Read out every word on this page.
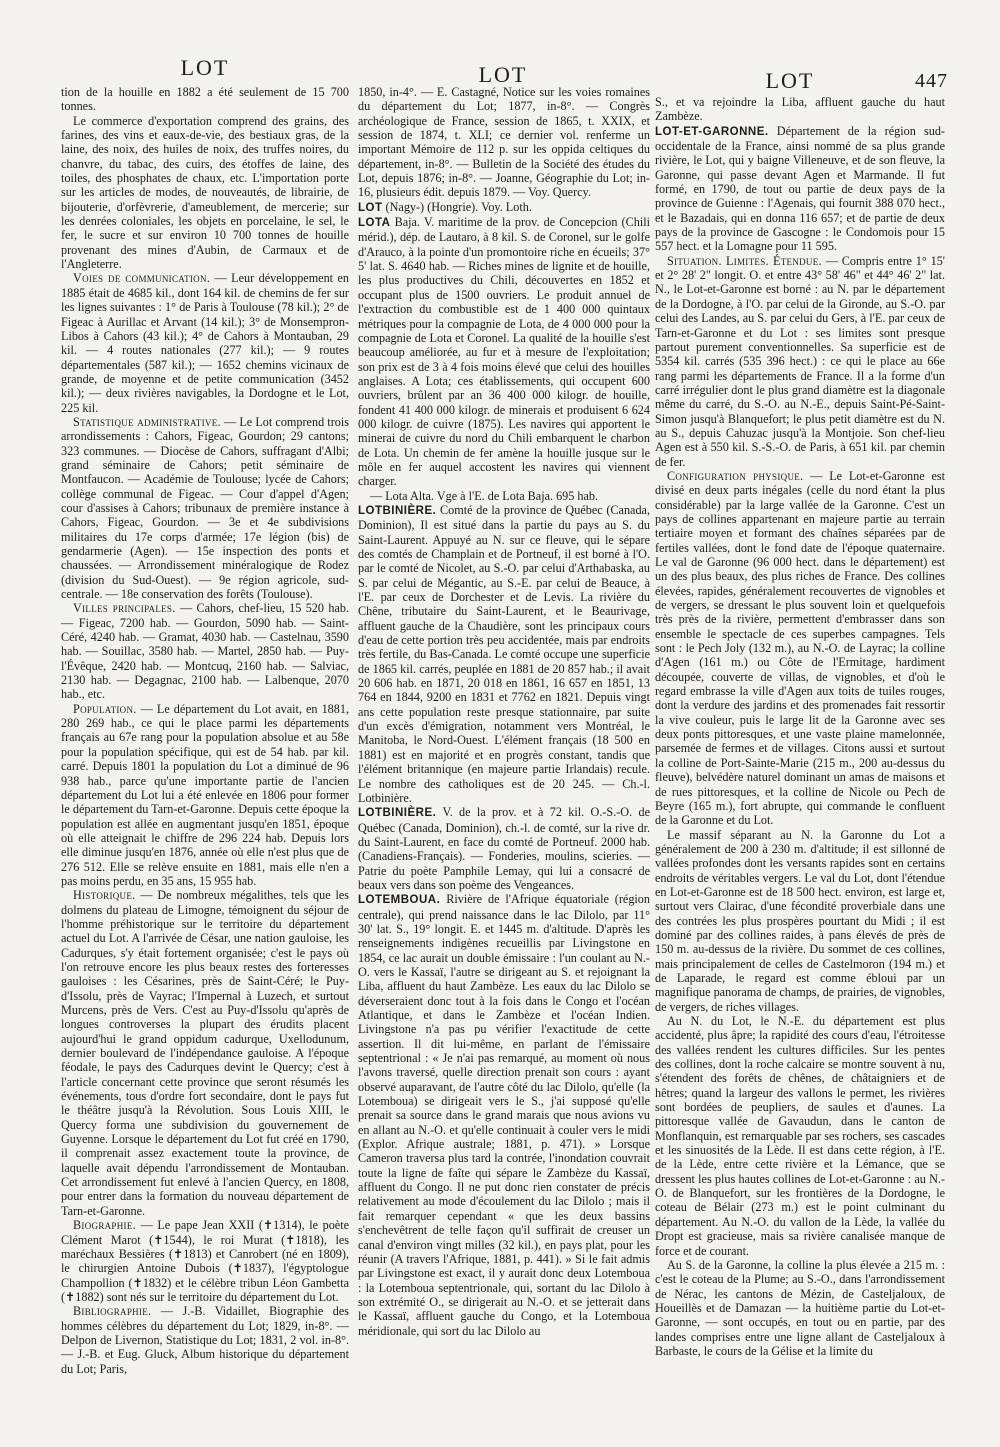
LOT	LOT	LOT	447

tion de la houille en 1882 a été seulement de 15 700 tonnes.

Le commerce d'exportation comprend des grains, des farines, des vins et eaux-de-vie, des bestiaux gras, de la laine, des noix, des huiles de noix, des truffes noires, du chanvre, du tabac, des cuirs, des étoffes de laine, des toiles, des phosphates de chaux, etc. L'importation porte sur les articles de modes, de nouveautés, de librairie, de bijouterie, d'orfèvrerie, d'ameublement, de mercerie; sur les denrées coloniales, les objets en porcelaine, le sel, le fer, le sucre et sur environ 10 700 tonnes de houille provenant des mines d'Aubin, de Carmaux et de l'Angleterre.

Voies de communication. — Leur développement en 1885 était de 4685 kil., dont 164 kil. de chemins de fer sur les lignes suivantes : 1° de Paris à Toulouse (78 kil.); 2° de Figeac à Aurillac et Arvant (14 kil.); 3° de Monsempron-Libos à Cahors (43 kil.); 4° de Cahors à Montauban, 29 kil. — 4 routes nationales (277 kil.); — 9 routes départementales (587 kil.); — 1652 chemins vicinaux de grande, de moyenne et de petite communication (3452 kil.); — deux rivières navigables, la Dordogne et le Lot, 225 kil.

Statistique administrative. — Le Lot comprend trois arrondissements : Cahors, Figeac, Gourdon; 29 cantons; 323 communes. — Diocèse de Cahors, suffragant d'Albi; grand séminaire de Cahors; petit séminaire de Montfaucon. — Académie de Toulouse; lycée de Cahors; collège communal de Figeac. — Cour d'appel d'Agen; cour d'assises à Cahors; tribunaux de première instance à Cahors, Figeac, Gourdon. — 3e et 4e subdivisions militaires du 17e corps d'armée; 17e légion (bis) de gendarmerie (Agen). — 15e inspection des ponts et chaussées. — Arrondissement minéralogique de Rodez (division du Sud-Ouest). — 9e région agricole, sud-centrale. — 18e conservation des forêts (Toulouse).

Villes principales. — Cahors, chef-lieu, 15 520 hab. — Figeac, 7200 hab. — Gourdon, 5090 hab. — Saint-Céré, 4240 hab. — Gramat, 4030 hab. — Castelnau, 3590 hab. — Souillac, 3580 hab. — Martel, 2850 hab. — Puy-l'Évêque, 2420 hab. — Montcuq, 2160 hab. — Salviac, 2130 hab. — Degagnac, 2100 hab. — Lalbenque, 2070 hab., etc.

Population. — Le département du Lot avait, en 1881, 280 269 hab., ce qui le place parmi les départements français au 67e rang pour la population absolue et au 58e pour la population spécifique, qui est de 54 hab. par kil. carré. Depuis 1801 la population du Lot a diminué de 96 938 hab., parce qu'une importante partie de l'ancien département du Lot lui a été enlevée en 1806 pour former le département du Tarn-et-Garonne. Depuis cette époque la population est allée en augmentant jusqu'en 1851, époque où elle atteignait le chiffre de 296 224 hab. Depuis lors elle diminue jusqu'en 1876, année où elle n'est plus que de 276 512. Elle se relève ensuite en 1881, mais elle n'en a pas moins perdu, en 35 ans, 15 955 hab.

Historique. — De nombreux mégalithes, tels que les dolmens du plateau de Limogne, témoignent du séjour de l'homme préhistorique sur le territoire du département actuel du Lot. A l'arrivée de César, une nation gauloise, les Cadurques, s'y était fortement organisée; c'est le pays où l'on retrouve encore les plus beaux restes des forteresses gauloises : les Césarines, près de Saint-Céré; le Puy-d'Issolu, près de Vayrac; l'Impernal à Luzech, et surtout Murcens, près de Vers. C'est au Puy-d'Issolu qu'après de longues controverses la plupart des érudits placent aujourd'hui le grand oppidum cadurque, Uxellodunum, dernier boulevard de l'indépendance gauloise. A l'époque féodale, le pays des Cadurques devint le Quercy; c'est à l'article concernant cette province que seront résumés les événements, tous d'ordre fort secondaire, dont le pays fut le théâtre jusqu'à la Révolution. Sous Louis XIII, le Quercy forma une subdivision du gouvernement de Guyenne. Lorsque le département du Lot fut créé en 1790, il comprenait assez exactement toute la province, de laquelle avait dépendu l'arrondissement de Montauban. Cet arrondissement fut enlevé à l'ancien Quercy, en 1808, pour entrer dans la formation du nouveau département de Tarn-et-Garonne.

Biographie. — Le pape Jean XXII (✝1314), le poète Clément Marot (✝1544), le roi Murat (✝1818), les maréchaux Bessières (✝1813) et Canrobert (né en 1809), le chirurgien Antoine Dubois (✝1837), l'égyptologue Champollion (✝1832) et le célèbre tribun Léon Gambetta (✝1882) sont nés sur le territoire du département du Lot.

Bibliographie. — J.-B. Vidaillet, Biographie des hommes célèbres du département du Lot; 1829, in-8°. — Delpon de Livernon, Statistique du Lot; 1831, 2 vol. in-8°. — J.-B. et Eug. Gluck, Album historique du département du Lot; Paris,

1850, in-4°. — E. Castagné, Notice sur les voies romaines du département du Lot; 1877, in-8°. — Congrès archéologique de France, session de 1865, t. XXIX, et session de 1874, t. XLI; ce dernier vol. renferme un important Mémoire de 112 p. sur les oppida celtiques du département, in-8°. — Bulletin de la Société des études du Lot, depuis 1876; in-8°. — Joanne, Géographie du Lot; in-16, plusieurs édit. depuis 1879. — Voy. Quercy.

LOT (Nagy-) (Hongrie). Voy. Loth.

LOTA Baja. V. maritime de la prov. de Concepcion (Chili mérid.), dép. de Lautaro, à 8 kil. S. de Coronel, sur le golfe d'Arauco, à la pointe d'un promontoire riche en écueils; 37° 5' lat. S. 4640 hab. — Riches mines de lignite et de houille, les plus productives du Chili, découvertes en 1852 et occupant plus de 1500 ouvriers. Le produit annuel de l'extraction du combustible est de 1 400 000 quintaux métriques pour la compagnie de Lota, de 4 000 000 pour la compagnie de Lota et Coronel. La qualité de la houille s'est beaucoup améliorée, au fur et à mesure de l'exploitation; son prix est de 3 à 4 fois moins élevé que celui des houilles anglaises. A Lota; ces établissements, qui occupent 600 ouvriers, brûlent par an 36 400 000 kilogr. de houille, fondent 41 400 000 kilogr. de minerais et produisent 6 624 000 kilogr. de cuivre (1875). Les navires qui apportent le minerai de cuivre du nord du Chili embarquent le charbon de Lota. Un chemin de fer amène la houille jusque sur le môle en fer auquel accostent les navires qui viennent charger.

— Lota Alta. Vge à l'E. de Lota Baja. 695 hab.

LOTBINIÈRE. Comté de la province de Québec (Canada, Dominion), Il est situé dans la partie du pays au S. du Saint-Laurent. Appuyé au N. sur ce fleuve, qui le sépare des comtés de Champlain et de Portneuf, il est borné à l'O. par le comté de Nicolet, au S.-O. par celui d'Arthabaska, au S. par celui de Mégantic, au S.-E. par celui de Beauce, à l'E. par ceux de Dorchester et de Levis. La rivière du Chêne, tributaire du Saint-Laurent, et le Beaurivage, affluent gauche de la Chaudière, sont les principaux cours d'eau de cette portion très peu accidentée, mais par endroits très fertile, du Bas-Canada. Le comté occupe une superficie de 1865 kil. carrés, peuplée en 1881 de 20 857 hab.; il avait 20 606 hab. en 1871, 20 018 en 1861, 16 657 en 1851, 13 764 en 1844, 9200 en 1831 et 7762 en 1821. Depuis vingt ans cette population reste presque stationnaire, par suite d'un excès d'émigration, notamment vers Montréal, le Manitoba, le Nord-Ouest. L'élément français (18 500 en 1881) est en majorité et en progrès constant, tandis que l'élément britannique (en majeure partie Irlandais) recule. Le nombre des catholiques est de 20 245. — Ch.-l. Lotbinière.

LOTBINIÈRE. V. de la prov. et à 72 kil. O.-S.-O. de Québec (Canada, Dominion), ch.-l. de comté, sur la rive dr. du Saint-Laurent, en face du comté de Portneuf. 2000 hab. (Canadiens-Français). — Fonderies, moulins, scieries. — Patrie du poète Pamphile Lemay, qui lui a consacré de beaux vers dans son poème des Vengeances.

LOTEMBOUA. Rivière de l'Afrique équatoriale (région centrale), qui prend naissance dans le lac Dilolo, par 11° 30' lat. S., 19° longit. E. et 1445 m. d'altitude. D'après les renseignements indigènes recueillis par Livingstone en 1854, ce lac aurait un double émissaire : l'un coulant au N.-O. vers le Kassaï, l'autre se dirigeant au S. et rejoignant la Liba, affluent du haut Zambèze. Les eaux du lac Dilolo se déverseraient donc tout à la fois dans le Congo et l'océan Atlantique, et dans le Zambèze et l'océan Indien. Livingstone n'a pas pu vérifier l'exactitude de cette assertion. Il dit lui-même, en parlant de l'émissaire septentrional : « Je n'ai pas remarqué, au moment où nous l'avons traversé, quelle direction prenait son cours : ayant observé auparavant, de l'autre côté du lac Dilolo, qu'elle (la Lotemboua) se dirigeait vers le S., j'ai supposé qu'elle prenait sa source dans le grand marais que nous avions vu en allant au N.-O. et qu'elle continuait à couler vers le midi (Explor. Afrique australe; 1881, p. 471). » Lorsque Cameron traversa plus tard la contrée, l'inondation couvrait toute la ligne de faîte qui sépare le Zambèze du Kassaï, affluent du Congo. Il ne put donc rien constater de précis relativement au mode d'écoulement du lac Dilolo ; mais il fait remarquer cependant « que les deux bassins s'enchevêtrent de telle façon qu'il suffirait de creuser un canal d'environ vingt milles (32 kil.), en pays plat, pour les réunir (A travers l'Afrique, 1881, p. 441). » Si le fait admis par Livingstone est exact, il y aurait donc deux Lotemboua : la Lotemboua septentrionale, qui, sortant du lac Dilolo à son extrémité O., se dirigerait au N.-O. et se jetterait dans le Kassaï, affluent gauche du Congo, et la Lotemboua méridionale, qui sort du lac Dilolo au

S., et va rejoindre la Liba, affluent gauche du haut Zambèze.

LOT-ET-GARONNE. Département de la région sud-occidentale de la France, ainsi nommé de sa plus grande rivière, le Lot, qui y baigne Villeneuve, et de son fleuve, la Garonne, qui passe devant Agen et Marmande. Il fut formé, en 1790, de tout ou partie de deux pays de la province de Guienne : l'Agenais, qui fournit 388 070 hect., et le Bazadais, qui en donna 116 657; et de partie de deux pays de la province de Gascogne : le Condomois pour 15 557 hect. et la Lomagne pour 11 595.

Situation. Limites. Étendue. — Compris entre 1° 15' et 2° 28' 2" longit. O. et entre 43° 58' 46" et 44° 46' 2" lat. N., le Lot-et-Garonne est borné : au N. par le département de la Dordogne, à l'O. par celui de la Gironde, au S.-O. par celui des Landes, au S. par celui du Gers, à l'E. par ceux de Tarn-et-Garonne et du Lot : ses limites sont presque partout purement conventionnelles. Sa superficie est de 5354 kil. carrés (535 396 hect.) : ce qui le place au 66e rang parmi les départements de France. Il a la forme d'un carré irrégulier dont le plus grand diamètre est la diagonale même du carré, du S.-O. au N.-E., depuis Saint-Pé-Saint-Simon jusqu'à Blanquefort; le plus petit diamètre est du N. au S., depuis Cahuzac jusqu'à la Montjoie. Son chef-lieu Agen est à 550 kil. S.-S.-O. de Paris, à 651 kil. par chemin de fer.

Configuration physique. — Le Lot-et-Garonne est divisé en deux parts inégales (celle du nord étant la plus considérable) par la large vallée de la Garonne. C'est un pays de collines appartenant en majeure partie au terrain tertiaire moyen et formant des chaînes séparées par de fertiles vallées, dont le fond date de l'époque quaternaire. Le val de Garonne (96 000 hect. dans le département) est un des plus beaux, des plus riches de France. Des collines élevées, rapides, généralement recouvertes de vignobles et de vergers, se dressant le plus souvent loin et quelquefois très près de la rivière, permettent d'embrasser dans son ensemble le spectacle de ces superbes campagnes. Tels sont : le Pech Joly (132 m.), au N.-O. de Layrac; la colline d'Agen (161 m.) ou Côte de l'Ermitage, hardiment découpée, couverte de villas, de vignobles, et d'où le regard embrasse la ville d'Agen aux toits de tuiles rouges, dont la verdure des jardins et des promenades fait ressortir la vive couleur, puis le large lit de la Garonne avec ses deux ponts pittoresques, et une vaste plaine mamelonnée, parsemée de fermes et de villages. Citons aussi et surtout la colline de Port-Sainte-Marie (215 m., 200 au-dessus du fleuve), belvédère naturel dominant un amas de maisons et de rues pittoresques, et la colline de Nicole ou Pech de Beyre (165 m.), fort abrupte, qui commande le confluent de la Garonne et du Lot.

Le massif séparant au N. la Garonne du Lot a généralement de 200 à 230 m. d'altitude; il est sillonné de vallées profondes dont les versants rapides sont en certains endroits de véritables vergers. Le val du Lot, dont l'étendue en Lot-et-Garonne est de 18 500 hect. environ, est large et, surtout vers Clairac, d'une fécondité proverbiale dans une des contrées les plus prospères pourtant du Midi ; il est dominé par des collines raides, à pans élevés de près de 150 m. au-dessus de la rivière. Du sommet de ces collines, mais principalement de celles de Castelmoron (194 m.) et de Laparade, le regard est comme ébloui par un magnifique panorama de champs, de prairies, de vignobles, de vergers, de riches villages.

Au N. du Lot, le N.-E. du département est plus accidenté, plus âpre; la rapidité des cours d'eau, l'étroitesse des vallées rendent les cultures difficiles. Sur les pentes des collines, dont la roche calcaire se montre souvent à nu, s'étendent des forêts de chênes, de châtaigniers et de hêtres; quand la largeur des vallons le permet, les rivières sont bordées de peupliers, de saules et d'aunes. La pittoresque vallée de Gavaudun, dans le canton de Monflanquin, est remarquable par ses rochers, ses cascades et les sinuosités de la Lède. Il est dans cette région, à l'E. de la Lède, entre cette rivière et la Lémance, que se dressent les plus hautes collines de Lot-et-Garonne : au N.-O. de Blanquefort, sur les frontières de la Dordogne, le coteau de Bélair (273 m.) est le point culminant du département. Au N.-O. du vallon de la Lède, la vallée du Dropt est gracieuse, mais sa rivière canalisée manque de force et de courant.

Au S. de la Garonne, la colline la plus élevée a 215 m. : c'est le coteau de la Plume; au S.-O., dans l'arrondissement de Nérac, les cantons de Mézin, de Casteljaloux, de Houeillès et de Damazan — la huitième partie du Lot-et-Garonne, — sont occupés, en tout ou en partie, par des landes comprises entre une ligne allant de Casteljaloux à Barbaste, le cours de la Gélise et la limite du
